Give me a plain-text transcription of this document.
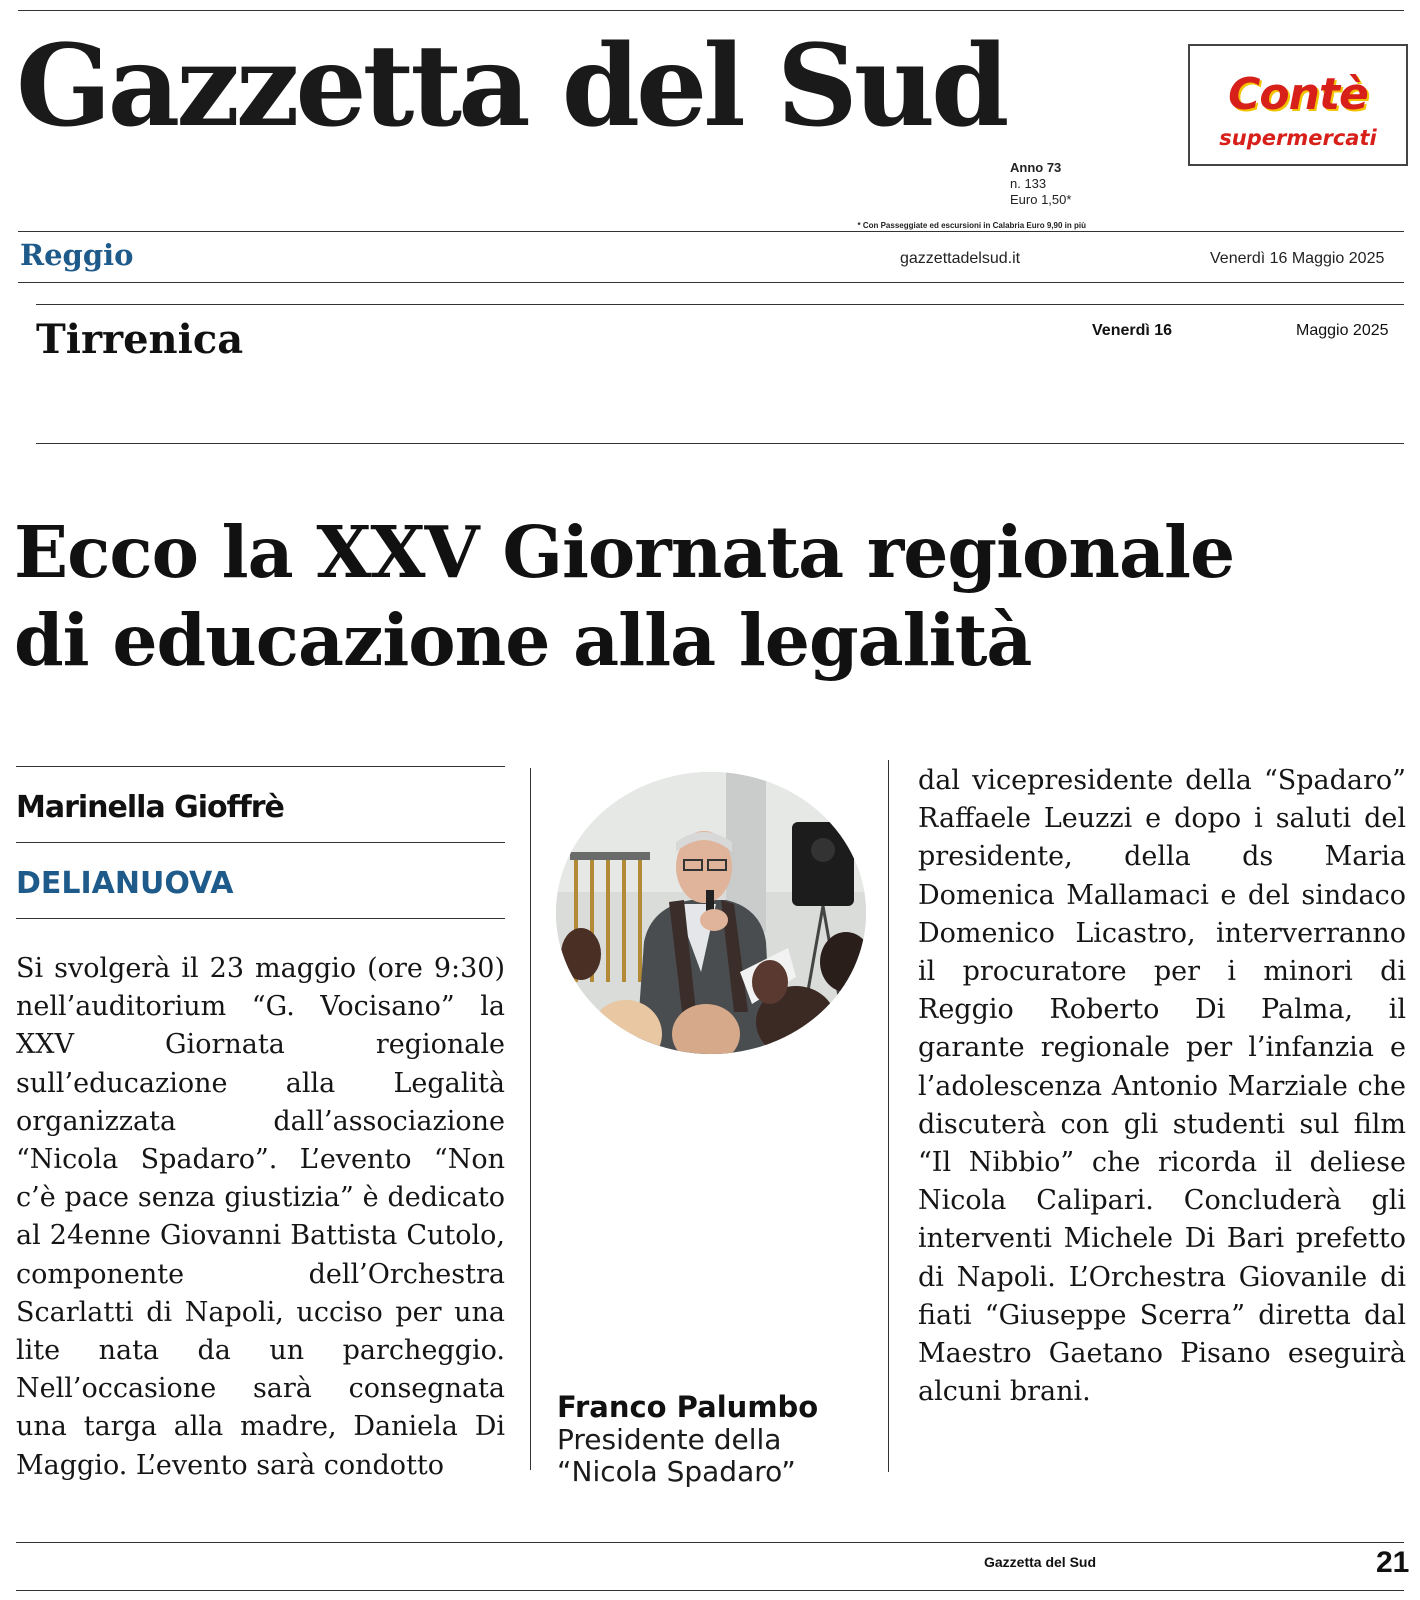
Gazzetta del Sud
Anno 73
n. 133
Euro 1,50*
* Con Passeggiate ed escursioni in Calabria Euro 9,90 in più
Contè
supermercati
Reggio	gazzettadelsud.it	Venerdì 16 Maggio 2025
Tirrenica	Venerdì 16	Maggio 2025
Ecco la XXV Giornata regionale
di educazione alla legalità
Marinella Gioffrè
DELIANUOVA
Si svolgerà il 23 maggio (ore 9:30) nell’auditorium “G. Vocisano” la XXV Giornata regionale sull’educazione alla Legalità organizzata dall’associazione “Nicola Spadaro”. L’evento “Non c’è pace senza giustizia” è dedicato al 24enne Giovanni Battista Cutolo, componente dell’Orchestra Scarlatti di Napoli, ucciso per una lite nata da un parcheggio. Nell’occasione sarà consegnata una targa alla madre, Daniela Di Maggio. L’evento sarà condotto
Franco Palumbo
Presidente della
“Nicola Spadaro”
dal vicepresidente della “Spadaro” Raffaele Leuzzi e dopo i saluti del presidente, della ds Maria Domenica Mallamaci e del sindaco Domenico Licastro, interverranno il procuratore per i minori di Reggio Roberto Di Palma, il garante regionale per l’infanzia e l’adolescenza Antonio Marziale che discuterà con gli studenti sul film “Il Nibbio” che ricorda il deliese Nicola Calipari. Concluderà gli interventi Michele Di Bari prefetto di Napoli. L’Orchestra Giovanile di fiati “Giuseppe Scerra” diretta dal Maestro Gaetano Pisano eseguirà alcuni brani.
Gazzetta del Sud	21
